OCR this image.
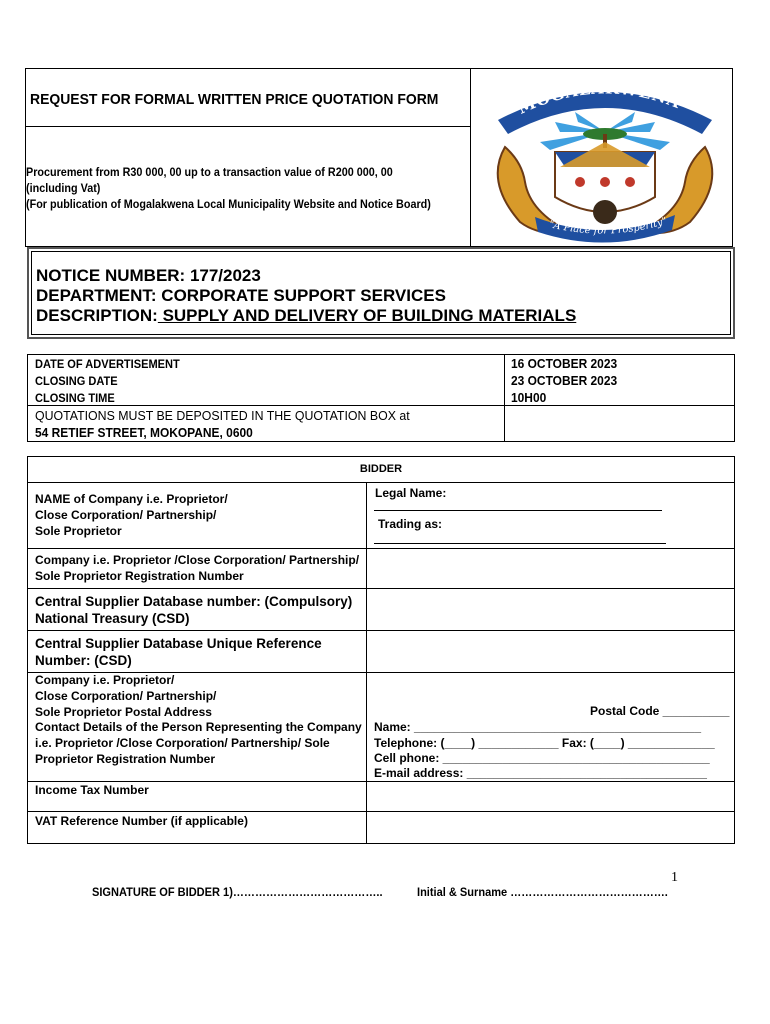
REQUEST FOR FORMAL WRITTEN PRICE QUOTATION FORM
Procurement from R30 000, 00 up to a transaction value of R200 000, 00
(including Vat)
(For publication of Mogalakwena Local Municipality Website and Notice Board)
MOGALAKWENA
"A Place for Prosperity"
NOTICE NUMBER: 177/2023
DEPARTMENT: CORPORATE SUPPORT SERVICES
DESCRIPTION: SUPPLY AND DELIVERY OF BUILDING MATERIALS
DATE OF ADVERTISEMENT
CLOSING DATE
CLOSING TIME
16 OCTOBER 2023
23 OCTOBER 2023
10H00
QUOTATIONS MUST BE DEPOSITED IN THE QUOTATION BOX at
54 RETIEF STREET, MOKOPANE, 0600
BIDDER
NAME of Company i.e. Proprietor/
Close Corporation/ Partnership/
Sole Proprietor
Legal Name:
Trading as:
Company i.e. Proprietor /Close Corporation/ Partnership/
Sole Proprietor Registration Number
Central Supplier Database number: (Compulsory)
National Treasury (CSD)
Central Supplier Database Unique Reference
Number: (CSD)
Company i.e. Proprietor/
Close Corporation/ Partnership/
Sole Proprietor Postal Address
Contact Details of the Person Representing the Company
i.e. Proprietor /Close Corporation/ Partnership/ Sole
Proprietor Registration Number
Postal Code __________
Name: ___________________________________________
Telephone: (____) ____________ Fax: (____) _____________
Cell phone: ________________________________________
E-mail address: ____________________________________
Income Tax Number
VAT Reference Number (if applicable)
1
SIGNATURE OF BIDDER 1)…………………………………..	Initial & Surname …………………………………….
